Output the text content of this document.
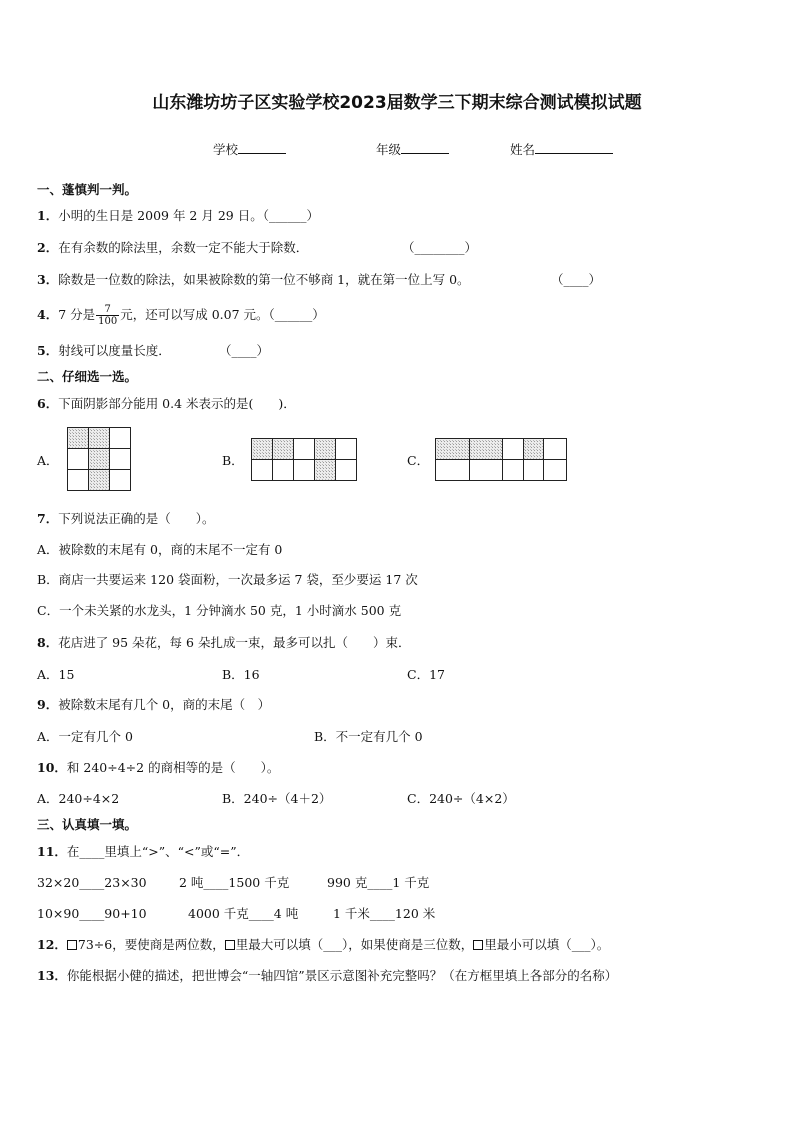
山东潍坊坊子区实验学校2023届数学三下期末综合测试模拟试题
学校	年级	姓名
一、蓬慎判一判。
1．小明的生日是 2009 年 2 月 29 日。（______）
2．在有余数的除法里，余数一定不能大于除数．	（________）
3．除数是一位数的除法，如果被除数的第一位不够商 1，就在第一位上写 0。	（____）
4．7 分是 $\frac{7}{100}$ 元，还可以写成 0.07 元。（______）
5．射线可以度量长度．	（____）
二、仔细选一选。
6．下面阴影部分能用 0.4 米表示的是(　　)．
A．	B．	C．
7．下列说法正确的是（　　）。
A．被除数的末尾有 0，商的末尾不一定有 0
B．商店一共要运来 120 袋面粉，一次最多运 7 袋，至少要运 17 次
C．一个未关紧的水龙头，1 分钟滴水 50 克，1 小时滴水 500 克
8．花店进了 95 朵花，每 6 朵扎成一束，最多可以扎（　　）束．
A．15	B．16	C．17
9．被除数末尾有几个 0，商的末尾（　）
A．一定有几个 0	B．不一定有几个 0
10．和 240÷4÷2 的商相等的是（　　）。
A．240÷4×2	B．240÷（4＋2）	C．240÷（4×2）
三、认真填一填。
11．在____里填上“>”、“<”或“=”．
32×20____23×30	2 吨____1500 千克	990 克____1 千克
10×90____90+10	4000 千克____4 吨	1 千米____120 米
12． 73÷6，要使商是两位数， 里最大可以填（___），如果使商是三位数， 里最小可以填（___）。
13．你能根据小健的描述，把世博会“一轴四馆”景区示意图补充完整吗？（在方框里填上各部分的名称）
